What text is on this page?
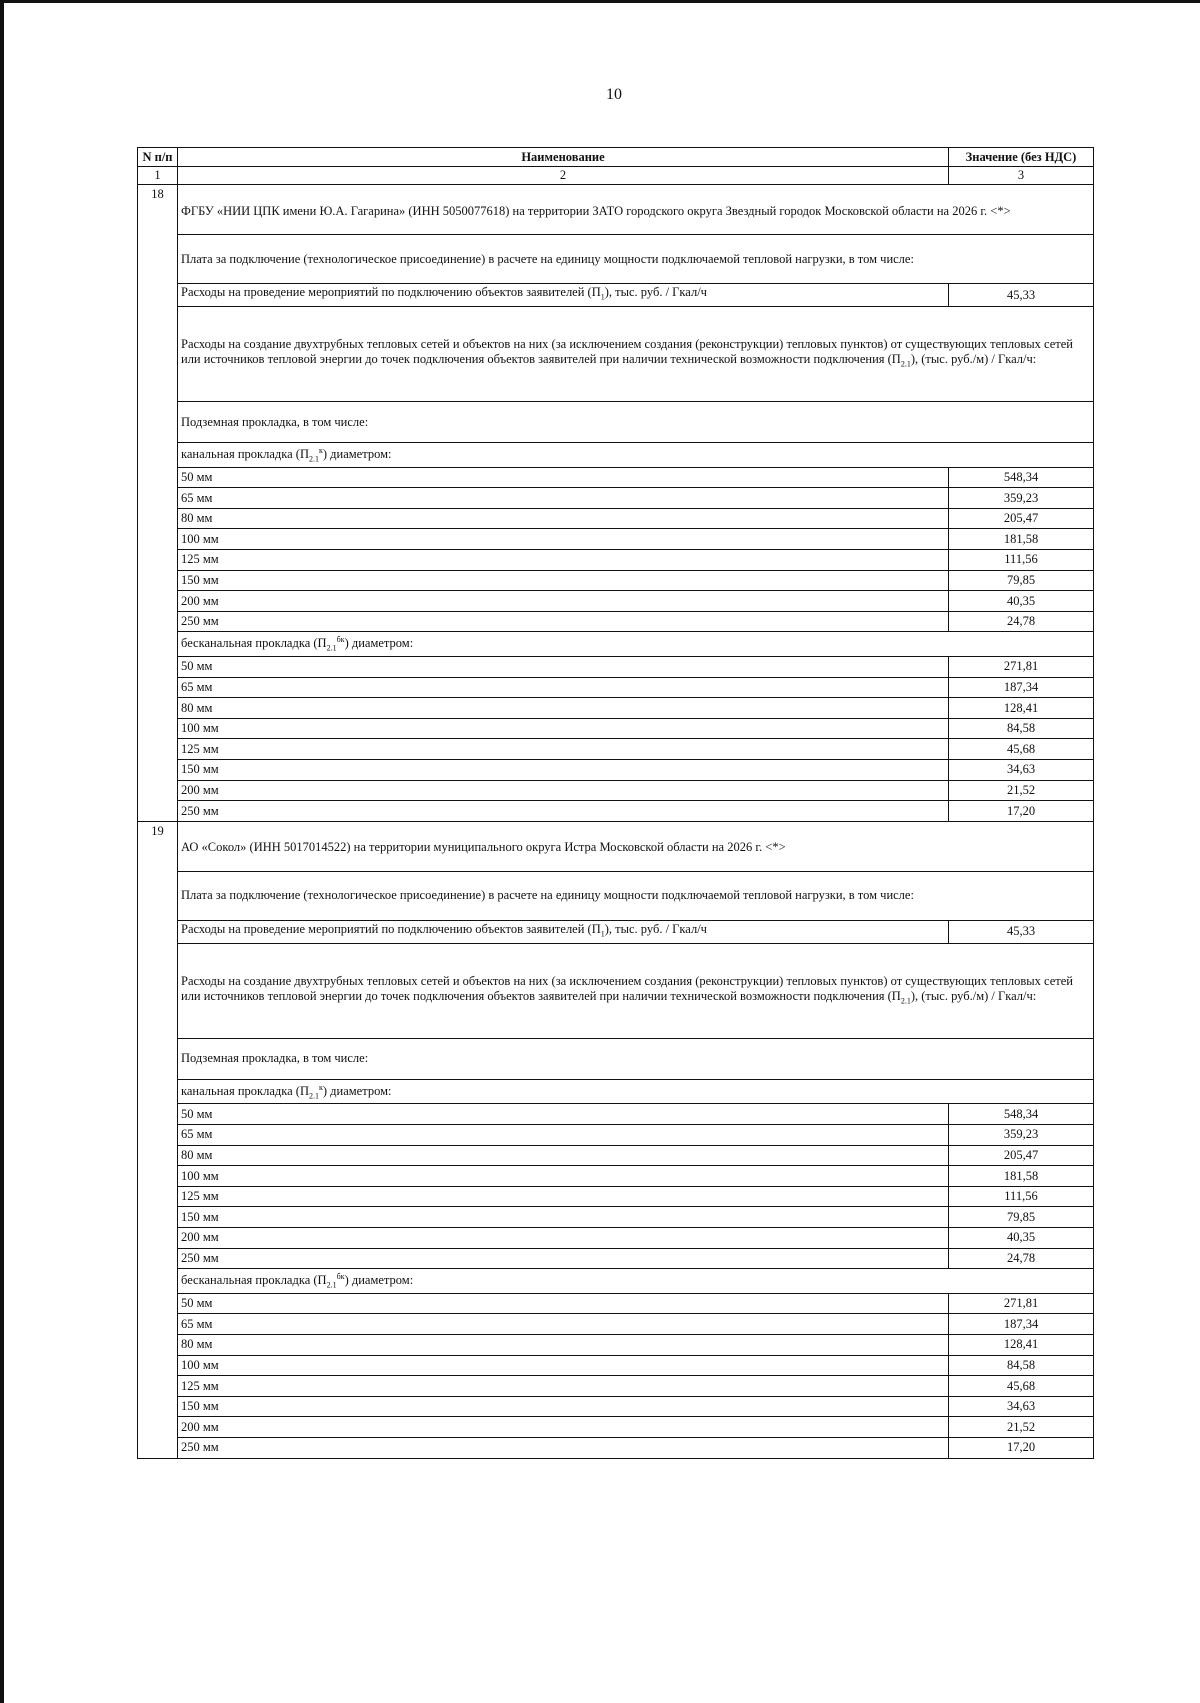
10
N п/п	Наименование	Значение (без НДС)
1	2	3
18	ФГБУ «НИИ ЦПК имени Ю.А. Гагарина» (ИНН 5050077618) на территории ЗАТО городского округа Звездный городок Московской области на 2026 г. <*>	
	Плата за подключение (технологическое присоединение) в расчете на единицу мощности подключаемой тепловой нагрузки, в том числе:	
	Расходы на проведение мероприятий по подключению объектов заявителей $(П_1)$, тыс. руб. / Гкал/ч	45,33
	Расходы на создание двухтрубных тепловых сетей и объектов на них (за исключением создания (реконструкции) тепловых пунктов) от существующих тепловых сетей или источников тепловой энергии до точек подключения объектов заявителей при наличии технической возможности подключения $(П_{2.1})$, (тыс. руб./м) / Гкал/ч:	
	Подземная прокладка, в том числе:	
	канальная прокладка $(П_{2.1}^к)$ диаметром:	
	50 мм	548,34
	65 мм	359,23
	80 мм	205,47
	100 мм	181,58
	125 мм	111,56
	150 мм	79,85
	200 мм	40,35
	250 мм	24,78
	бесканальная прокладка $(П_{2.1}^{бк})$ диаметром:	
	50 мм	271,81
	65 мм	187,34
	80 мм	128,41
	100 мм	84,58
	125 мм	45,68
	150 мм	34,63
	200 мм	21,52
	250 мм	17,20
19	АО «Сокол» (ИНН 5017014522) на территории муниципального округа Истра Московской области на 2026 г. <*>	
	Плата за подключение (технологическое присоединение) в расчете на единицу мощности подключаемой тепловой нагрузки, в том числе:	
	Расходы на проведение мероприятий по подключению объектов заявителей $(П_1)$, тыс. руб. / Гкал/ч	45,33
	Расходы на создание двухтрубных тепловых сетей и объектов на них (за исключением создания (реконструкции) тепловых пунктов) от существующих тепловых сетей или источников тепловой энергии до точек подключения объектов заявителей при наличии технической возможности подключения $(П_{2.1})$, (тыс. руб./м) / Гкал/ч:	
	Подземная прокладка, в том числе:	
	канальная прокладка $(П_{2.1}^к)$ диаметром:	
	50 мм	548,34
	65 мм	359,23
	80 мм	205,47
	100 мм	181,58
	125 мм	111,56
	150 мм	79,85
	200 мм	40,35
	250 мм	24,78
	бесканальная прокладка $(П_{2.1}^{бк})$ диаметром:	
	50 мм	271,81
	65 мм	187,34
	80 мм	128,41
	100 мм	84,58
	125 мм	45,68
	150 мм	34,63
	200 мм	21,52
	250 мм	17,20
